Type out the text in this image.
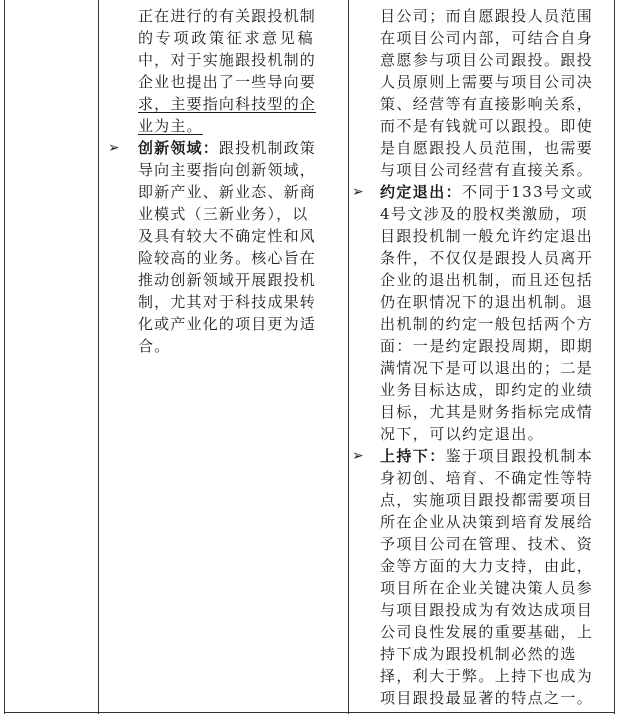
正在进行的有关跟投机制
的专项政策征求意见稿
中，对于实施跟投机制的
企业也提出了一些导向要
求，主要指向科技型的企
业为主。
➢ 创新领域：跟投机制政策
导向主要指向创新领域，
即新产业、新业态、新商
业模式（三新业务），以
及具有较大不确定性和风
险较高的业务。核心旨在
推动创新领域开展跟投机
制，尤其对于科技成果转
化或产业化的项目更为适
合。
目公司；而自愿跟投人员范围
在项目公司内部，可结合自身
意愿参与项目公司跟投。跟投
人员原则上需要与项目公司决
策、经营等有直接影响关系，
而不是有钱就可以跟投。即使
是自愿跟投人员范围，也需要
与项目公司经营有直接关系。
➢ 约定退出：不同于133号文或
4号文涉及的股权类激励，项
目跟投机制一般允许约定退出
条件，不仅仅是跟投人员离开
企业的退出机制，而且还包括
仍在职情况下的退出机制。退
出机制的约定一般包括两个方
面：一是约定跟投周期，即期
满情况下是可以退出的；二是
业务目标达成，即约定的业绩
目标，尤其是财务指标完成情
况下，可以约定退出。
➢ 上持下：鉴于项目跟投机制本
身初创、培育、不确定性等特
点，实施项目跟投都需要项目
所在企业从决策到培育发展给
予项目公司在管理、技术、资
金等方面的大力支持，由此，
项目所在企业关键决策人员参
与项目跟投成为有效达成项目
公司良性发展的重要基础，上
持下成为跟投机制必然的选
择，利大于弊。上持下也成为
项目跟投最显著的特点之一。
